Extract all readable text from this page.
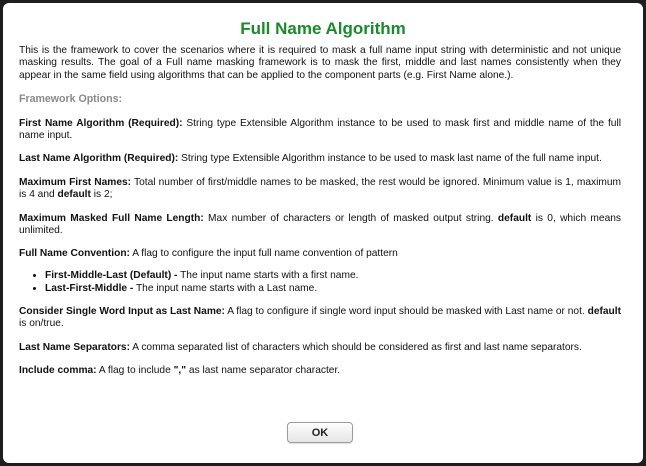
Full Name Algorithm

This is the framework to cover the scenarios where it is required to mask a full name input string with deterministic and not unique masking results. The goal of a Full name masking framework is to mask the first, middle and last names consistently when they appear in the same field using algorithms that can be applied to the component parts (e.g. First Name alone.).

Framework Options:

First Name Algorithm (Required): String type Extensible Algorithm instance to be used to mask first and middle name of the full name input.

Last Name Algorithm (Required): String type Extensible Algorithm instance to be used to mask last name of the full name input.

Maximum First Names: Total number of first/middle names to be masked, the rest would be ignored. Minimum value is 1, maximum is 4 and default is 2;

Maximum Masked Full Name Length: Max number of characters or length of masked output string. default is 0, which means unlimited.

Full Name Convention: A flag to configure the input full name convention of pattern

• First-Middle-Last (Default) - The input name starts with a first name.
• Last-First-Middle - The input name starts with a Last name.

Consider Single Word Input as Last Name: A flag to configure if single word input should be masked with Last name or not. default is on/true.

Last Name Separators: A comma separated list of characters which should be considered as first and last name separators.

Include comma: A flag to include "," as last name separator character.

OK
